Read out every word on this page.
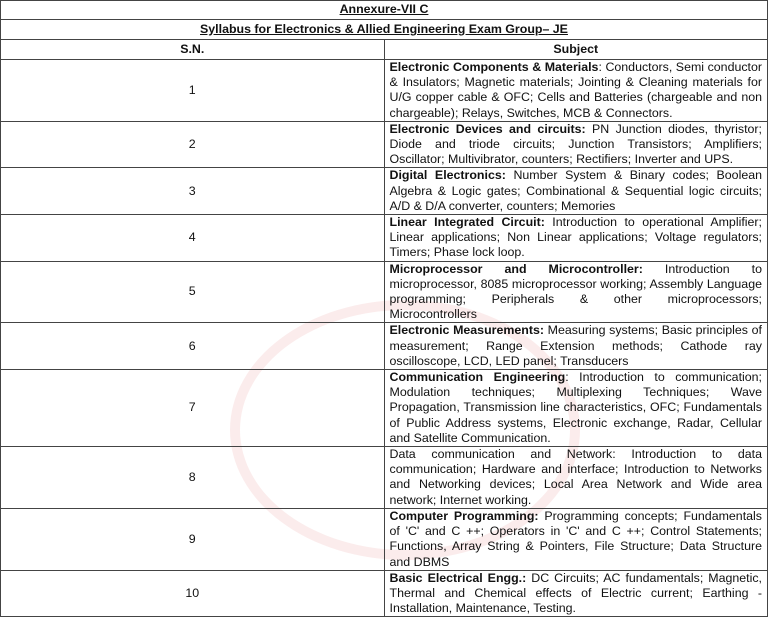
Annexure-VII C	
Syllabus for Electronics & Allied Engineering Exam Group– JE	
S.N.	Subject
1	Electronic Components & Materials: Conductors, Semi conductor & Insulators; Magnetic materials; Jointing & Cleaning materials for U/G copper cable & OFC; Cells and Batteries (chargeable and non chargeable); Relays, Switches, MCB & Connectors.
2	Electronic Devices and circuits: PN Junction diodes, thyristor; Diode and triode circuits; Junction Transistors; Amplifiers; Oscillator; Multivibrator, counters; Rectifiers; Inverter and UPS.
3	Digital Electronics: Number System & Binary codes; Boolean Algebra & Logic gates; Combinational & Sequential logic circuits; A/D & D/A converter, counters; Memories
4	Linear Integrated Circuit: Introduction to operational Amplifier; Linear applications; Non Linear applications; Voltage regulators; Timers; Phase lock loop.
5	Microprocessor and Microcontroller: Introduction to microprocessor, 8085 microprocessor working; Assembly Language programming; Peripherals & other microprocessors; Microcontrollers
6	Electronic Measurements: Measuring systems; Basic principles of measurement; Range Extension methods; Cathode ray oscilloscope, LCD, LED panel; Transducers
7	Communication Engineering: Introduction to communication; Modulation techniques; Multiplexing Techniques; Wave Propagation, Transmission line characteristics, OFC; Fundamentals of Public Address systems, Electronic exchange, Radar, Cellular and Satellite Communication.
8	Data communication and Network: Introduction to data communication; Hardware and interface; Introduction to Networks and Networking devices; Local Area Network and Wide area network; Internet working.
9	Computer Programming: Programming concepts; Fundamentals of 'C' and C ++; Operators in 'C' and C ++; Control Statements; Functions, Array String & Pointers, File Structure; Data Structure and DBMS
10	Basic Electrical Engg.: DC Circuits; AC fundamentals; Magnetic, Thermal and Chemical effects of Electric current; Earthing - Installation, Maintenance, Testing.
